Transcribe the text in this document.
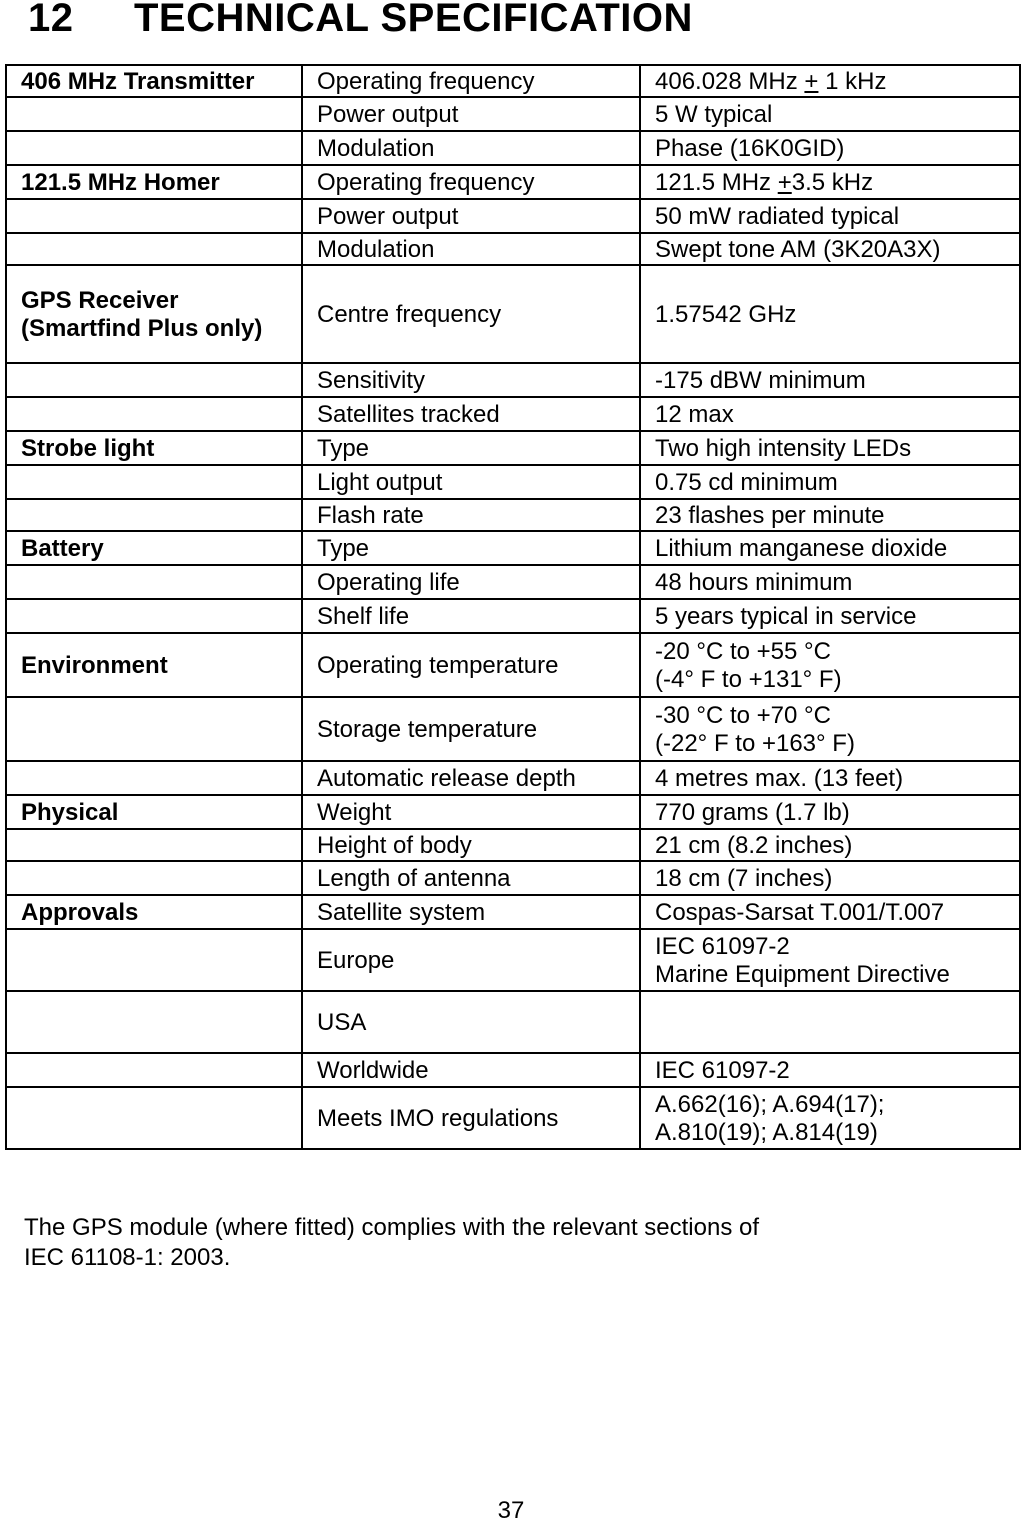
12 TECHNICAL SPECIFICATION
406 MHz Transmitter	Operating frequency	406.028 MHz + 1 kHz

	Power output	5 W typical

	Modulation	Phase (16K0GID)

121.5 MHz Homer	Operating frequency	121.5 MHz +3.5 kHz

	Power output	50 mW radiated typical

	Modulation	Swept tone AM (3K20A3X)

GPS Receiver (Smartfind Plus only)	Centre frequency	1.57542 GHz

	Sensitivity	-175 dBW minimum

	Satellites tracked	12 max

Strobe light	Type	Two high intensity LEDs

	Light output	0.75 cd minimum

	Flash rate	23 flashes per minute

Battery	Type	Lithium manganese dioxide

	Operating life	48 hours minimum

	Shelf life	5 years typical in service

Environment	Operating temperature	-20 °C to +55 °C
(-4° F to +131° F)

	Storage temperature	-30 °C to +70 °C
(-22° F to +163° F)

	Automatic release depth	4 metres max. (13 feet)

Physical	Weight	770 grams (1.7 lb)

	Height of body	21 cm (8.2 inches)

	Length of antenna	18 cm (7 inches)

Approvals	Satellite system	Cospas-Sarsat T.001/T.007

	Europe	IEC 61097-2
Marine Equipment Directive

	USA	

	Worldwide	IEC 61097-2

	Meets IMO regulations	A.662(16); A.694(17);
A.810(19); A.814(19)

The GPS module (where fitted) complies with the relevant sections of
IEC 61108-1: 2003.

37
